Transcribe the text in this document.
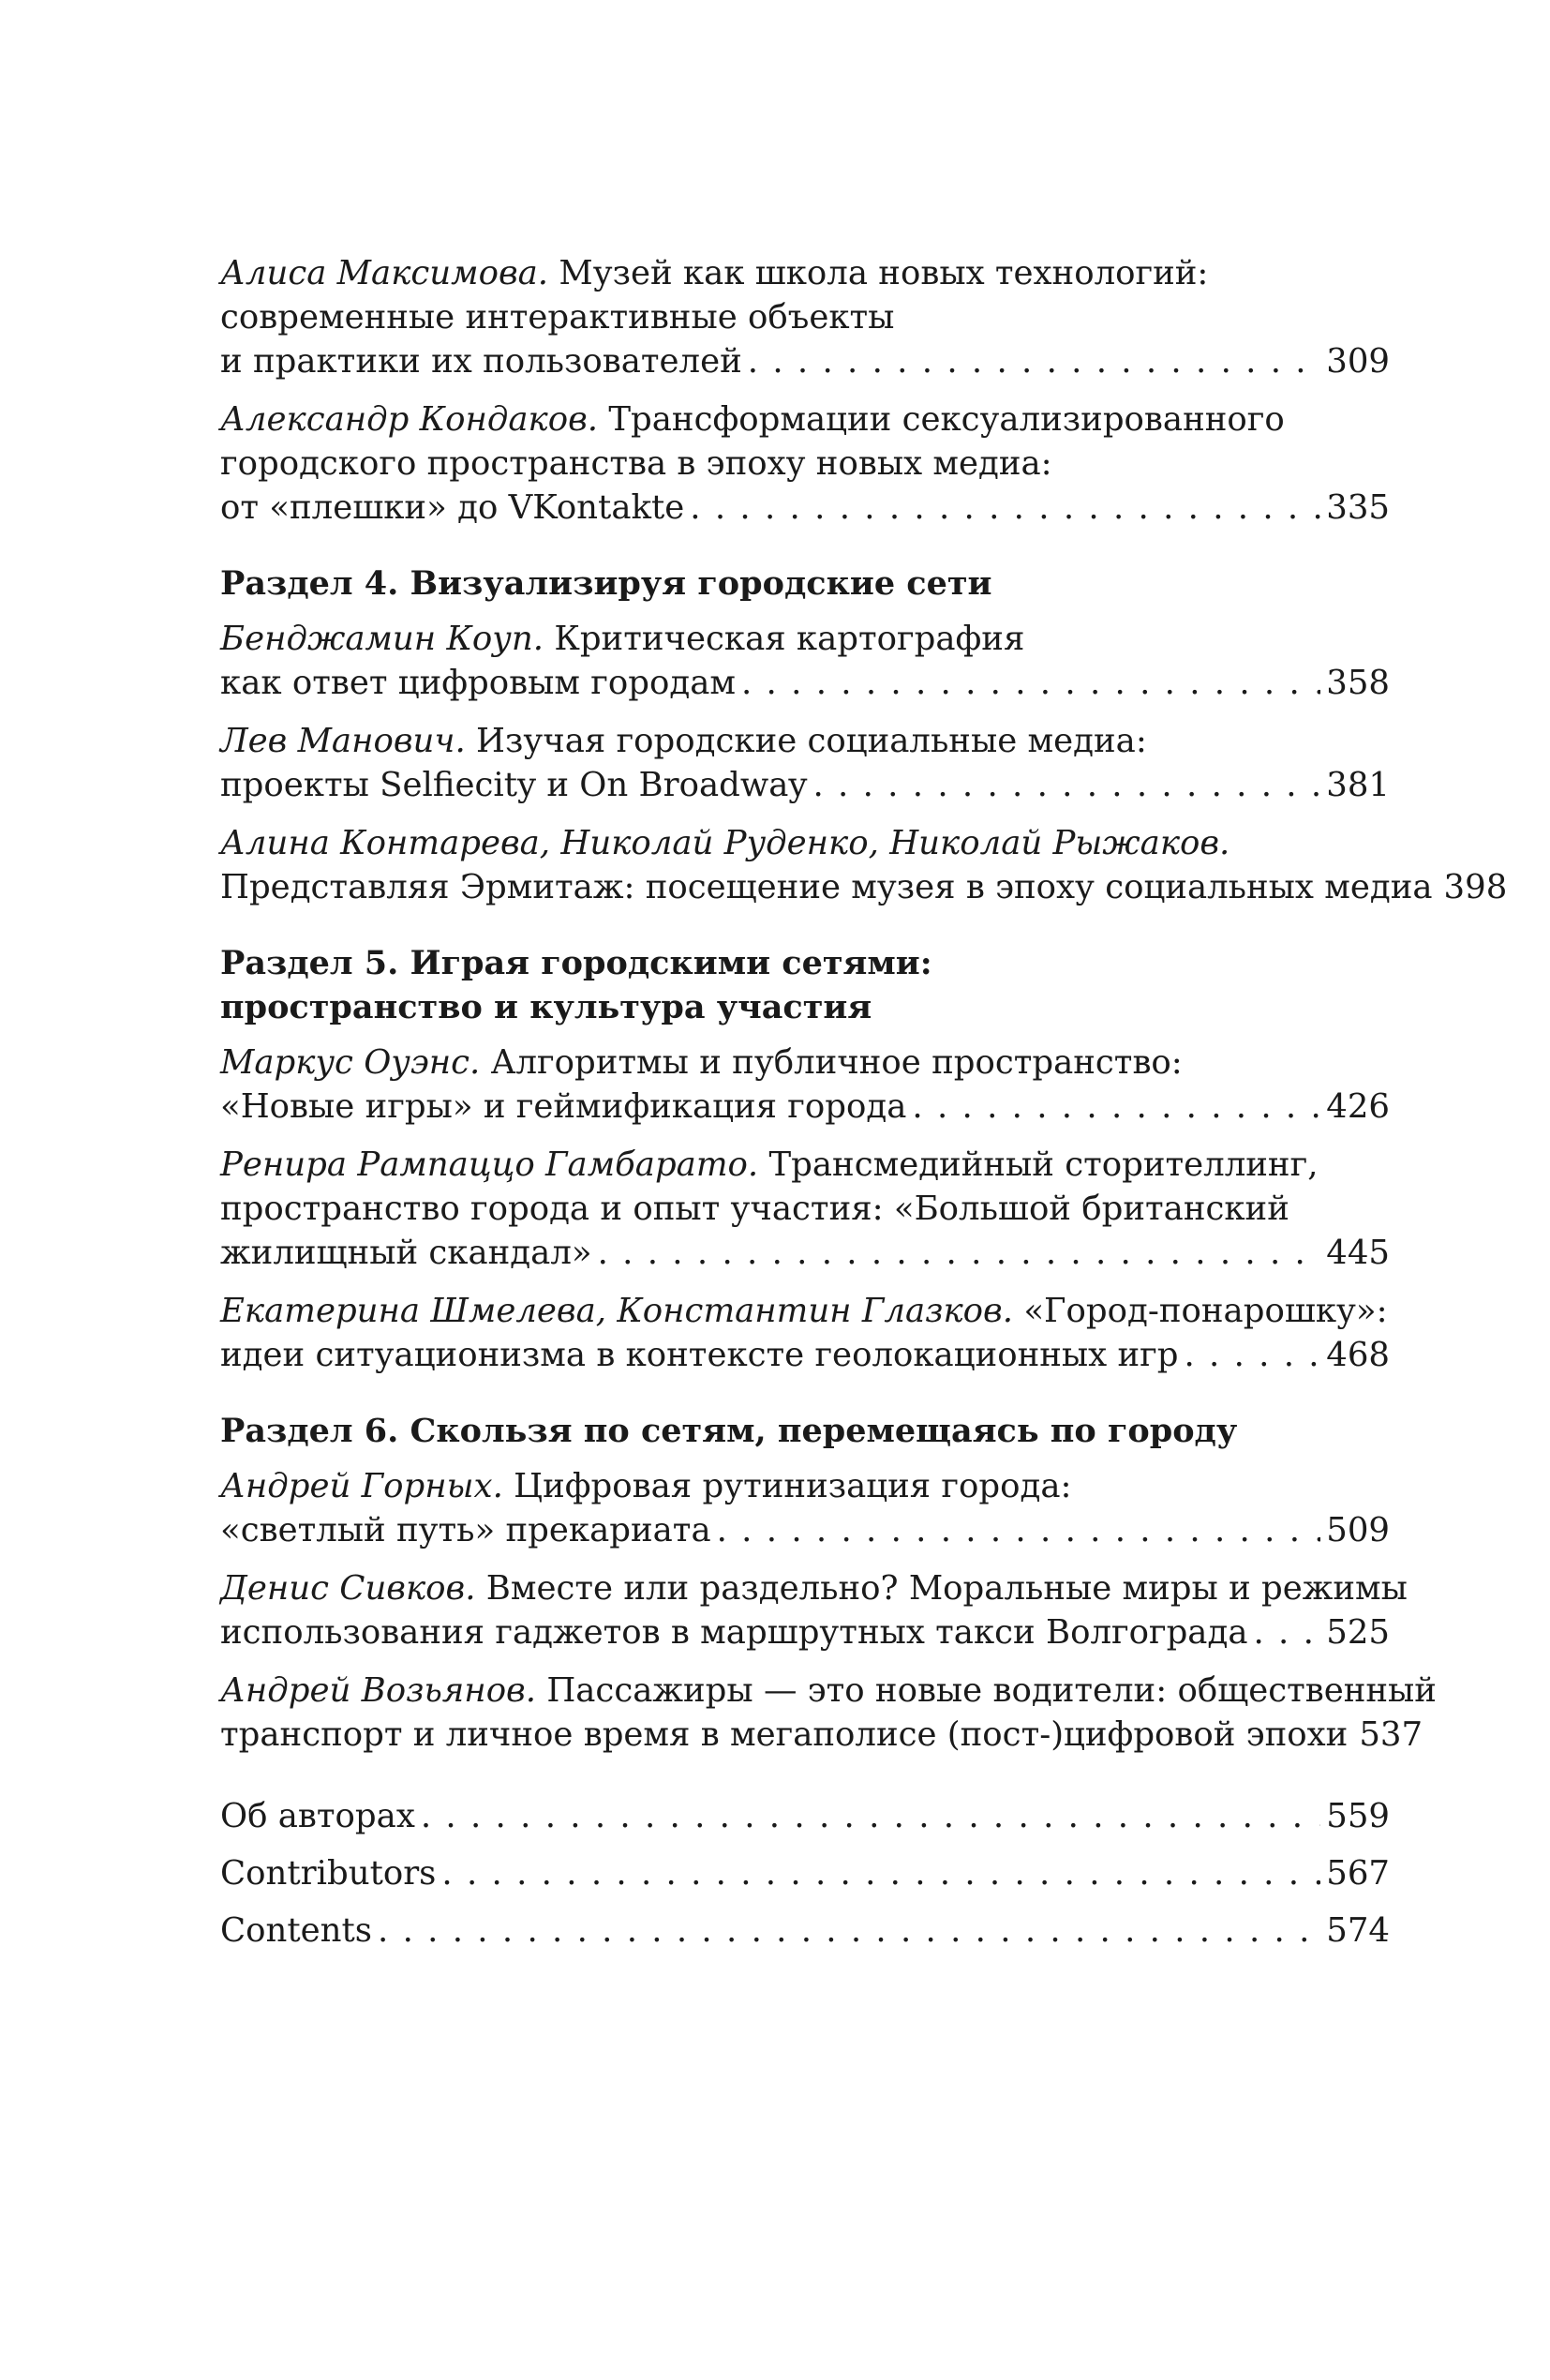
Алиса Максимова. Музей как школа новых технологий:
современные интерактивные объекты
и практики их пользователей . . .	309
Александр Кондаков. Трансформации сексуализированного
городского пространства в эпоху новых медиа:
от «плешки» до VKontakte . . .	335
Раздел 4. Визуализируя городские сети
Бенджамин Коуп. Критическая картография
как ответ цифровым городам . . .	358
Лев Манович. Изучая городские социальные медиа:
проекты Selfiecity и On Broadway . . .	381
Алина Контарева, Николай Руденко, Николай Рыжаков.
Представляя Эрмитаж: посещение музея в эпоху социальных медиа 398
Раздел 5. Играя городскими сетями:
пространство и культура участия
Маркус Оуэнс. Алгоритмы и публичное пространство:
«Новые игры» и геймификация города . . .	426
Ренира Рампаццо Гамбарато. Трансмедийный сторителлинг,
пространство города и опыт участия: «Большой британский
жилищный скандал» . . .	445
Екатерина Шмелева, Константин Глазков. «Город-понарошку»:
идеи ситуационизма в контексте геолокационных игр . . .	468
Раздел 6. Скользя по сетям, перемещаясь по городу
Андрей Горных. Цифровая рутинизация города:
«светлый путь» прекариата . . .	509
Денис Сивков. Вместе или раздельно? Моральные миры и режимы
использования гаджетов в маршрутных такси Волгограда . . . 525
Андрей Возьянов. Пассажиры — это новые водители: общественный
транспорт и личное время в мегаполисе (пост-)цифровой эпохи 537
Об авторах . . .	559
Contributors . . .	567
Contents . . .	574
